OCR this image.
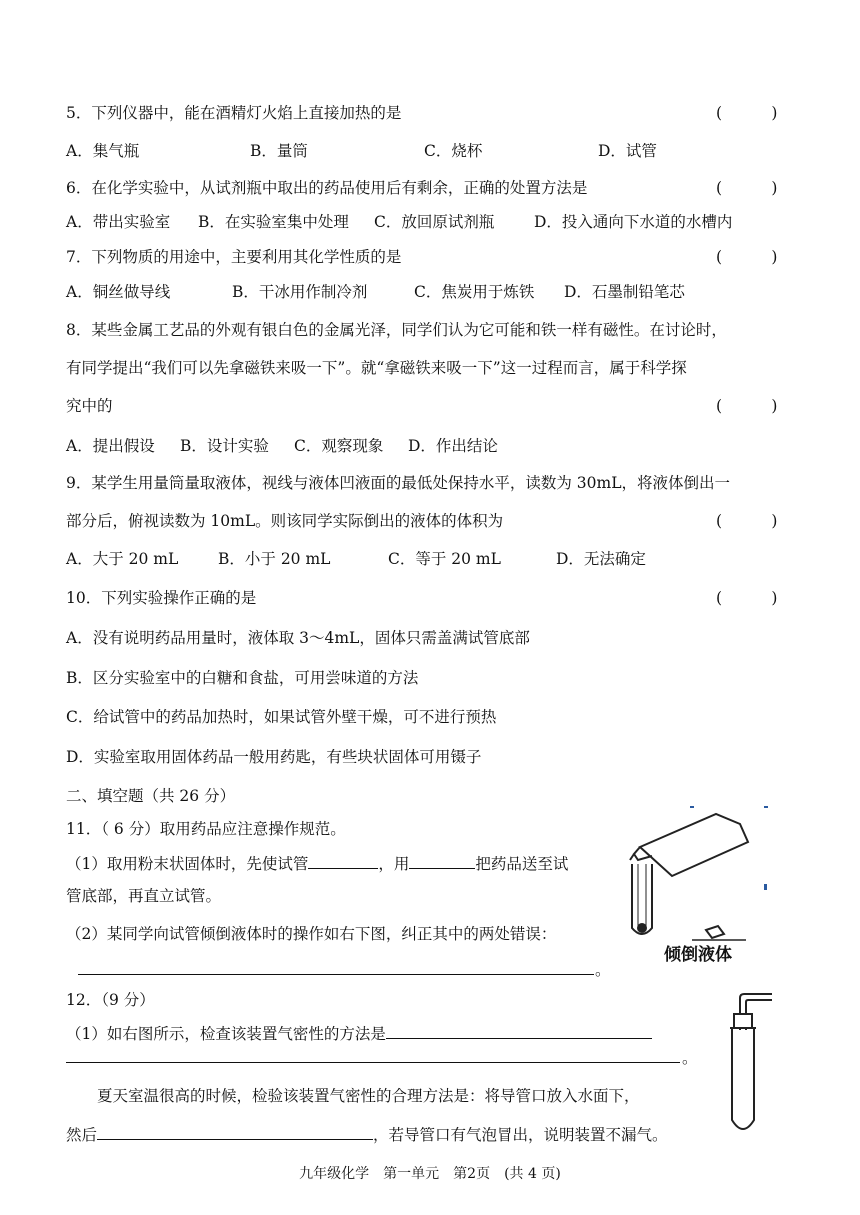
5．下列仪器中，能在酒精灯火焰上直接加热的是	(          )
A．集气瓶	B．量筒	C．烧杯	D．试管
6．在化学实验中，从试剂瓶中取出的药品使用后有剩余，正确的处置方法是	(          )
A．带出实验室 B．在实验室集中处理 C．放回原试剂瓶	D．投入通向下水道的水槽内
7．下列物质的用途中，主要利用其化学性质的是	(          )
A．铜丝做导线	B．干冰用作制冷剂	C．焦炭用于炼铁 D．石墨制铅笔芯
8．某些金属工艺品的外观有银白色的金属光泽，同学们认为它可能和铁一样有磁性。在讨论时，
有同学提出“我们可以先拿磁铁来吸一下”。就“拿磁铁来吸一下”这一过程而言，属于科学探
究中的	(          )
A．提出假设 B．设计实验 C．观察现象 D．作出结论
9．某学生用量筒量取液体，视线与液体凹液面的最低处保持水平，读数为 30mL，将液体倒出一
部分后，俯视读数为 10mL。则该同学实际倒出的液体的体积为	(          )
A．大于 20 mL	B．小于 20 mL	C．等于 20 mL	D．无法确定
10．下列实验操作正确的是	(          )
A．没有说明药品用量时，液体取 3～4mL，固体只需盖满试管底部
B．区分实验室中的白糖和食盐，可用尝味道的方法
C．给试管中的药品加热时，如果试管外壁干燥，可不进行预热
D．实验室取用固体药品一般用药匙，有些块状固体可用镊子
二、填空题（共 26 分）
11．（ 6 分）取用药品应注意操作规范。
（1）取用粉末状固体时，先使试管	，用	把药品送至试
管底部，再直立试管。
（2）某同学向试管倾倒液体时的操作如右下图，纠正其中的两处错误：
。
倾倒液体
12．（9 分）
（1）如右图所示，检查该装置气密性的方法是
。
夏天室温很高的时候，检验该装置气密性的合理方法是：将导管口放入水面下，
然后	，若导管口有气泡冒出，说明装置不漏气。
九年级化学　第一单元　第2页　(共 4 页)
